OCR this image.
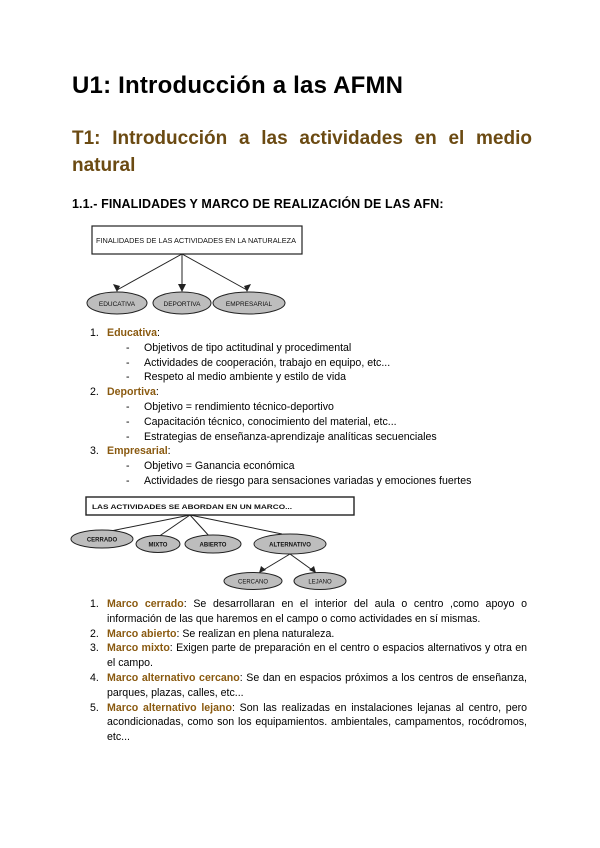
U1: Introducción a las AFMN
T1: Introducción a las actividades en el medio natural
1.1.- FINALIDADES Y MARCO DE REALIZACIÓN DE LAS AFN:
FINALIDADES DE LAS ACTIVIDADES EN LA NATURALEZA
EDUCATIVA	DEPORTIVA	EMPRESARIAL
1. Educativa:
- Objetivos de tipo actitudinal y procedimental
- Actividades de cooperación, trabajo en equipo, etc...
- Respeto al medio ambiente y estilo de vida
2. Deportiva:
- Objetivo = rendimiento técnico-deportivo
- Capacitación técnico, conocimiento del material, etc...
- Estrategias de enseñanza-aprendizaje analíticas secuenciales
3. Empresarial:
- Objetivo = Ganancia económica
- Actividades de riesgo para sensaciones variadas y emociones fuertes
LAS ACTIVIDADES SE ABORDAN EN UN MARCO...
CERRADO
MIXTO	ABIERTO	ALTERNATIVO
CERCANO	LEJANO
1. Marco cerrado: Se desarrollaran en el interior del aula o centro ,como apoyo o información de las que haremos en el campo o como actividades en sí mismas.
2. Marco abierto: Se realizan en plena naturaleza.
3. Marco mixto: Exigen parte de preparación en el centro o espacios alternativos y otra en el campo.
4. Marco alternativo cercano: Se dan en espacios próximos a los centros de enseñanza, parques, plazas, calles, etc...
5. Marco alternativo lejano: Son las realizadas en instalaciones lejanas al centro, pero acondicionadas, como son los equipamientos. ambientales, campamentos, rocódromos, etc...
